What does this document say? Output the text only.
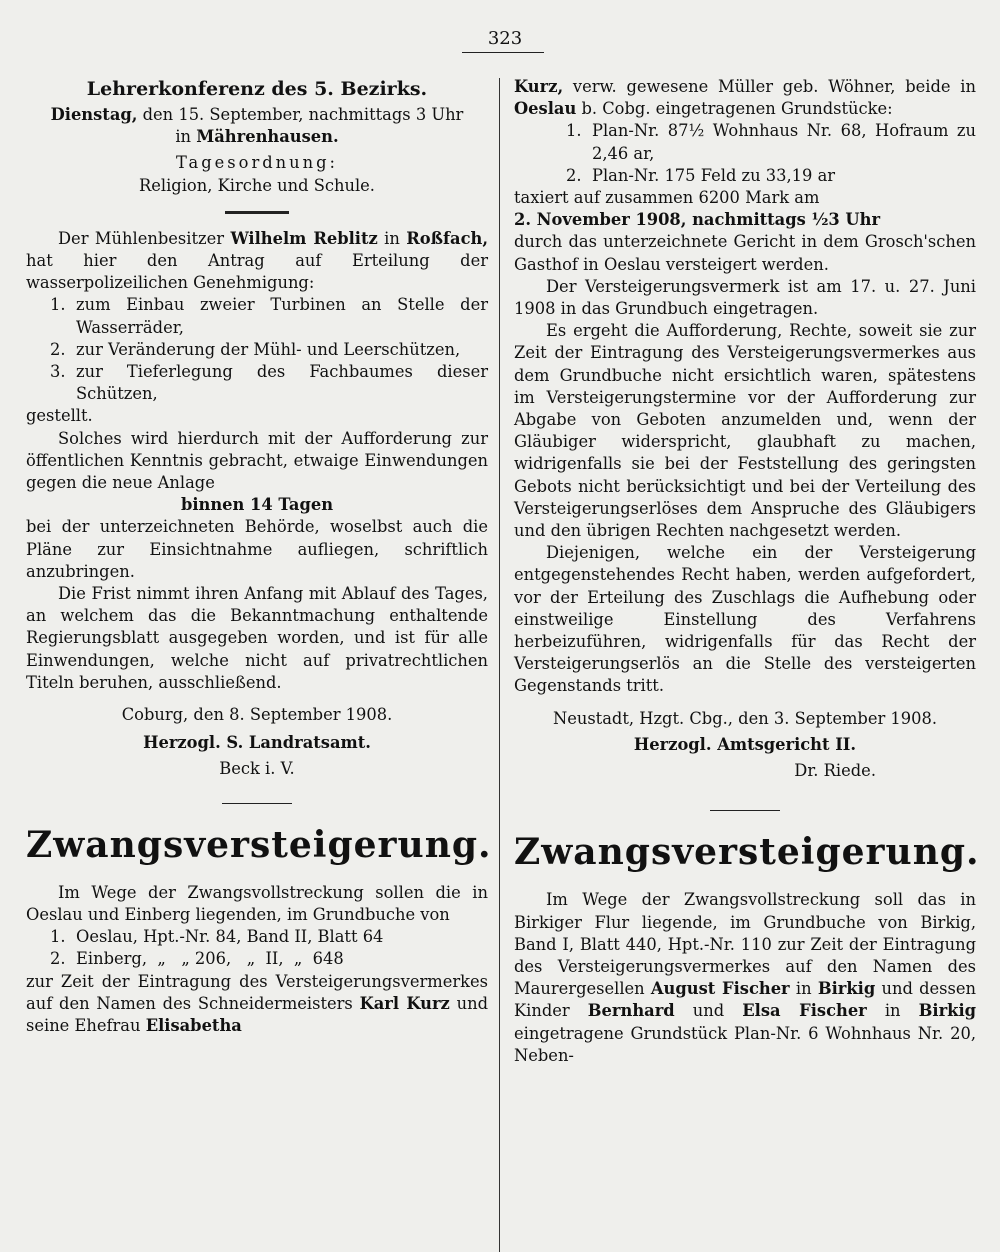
323

Lehrerkonferenz des 5. Bezirks.

Dienstag, den 15. September, nachmittags 3 Uhr
in Mährenhausen.

Tagesordnung:

Religion, Kirche und Schule.

Der Mühlenbesitzer Wilhelm Reblitz in Roßfach, hat hier den Antrag auf Erteilung der wasserpolizeilichen Genehmigung:

1. zum Einbau zweier Turbinen an Stelle der Wasserräder,
2. zur Veränderung der Mühl- und Leerschützen,
3. zur Tieferlegung des Fachbaumes dieser Schützen,

gestellt.

Solches wird hierdurch mit der Aufforderung zur öffentlichen Kenntnis gebracht, etwaige Einwendungen gegen die neue Anlage

binnen 14 Tagen

bei der unterzeichneten Behörde, woselbst auch die Pläne zur Einsichtnahme aufliegen, schriftlich anzubringen.

Die Frist nimmt ihren Anfang mit Ablauf des Tages, an welchem das die Bekanntmachung enthaltende Regierungsblatt ausgegeben worden, und ist für alle Einwendungen, welche nicht auf privatrechtlichen Titeln beruhen, ausschließend.

Coburg, den 8. September 1908.

Herzogl. S. Landratsamt.

Beck i. V.

Zwangsversteigerung.

Im Wege der Zwangsvollstreckung sollen die in Oeslau und Einberg liegenden, im Grundbuche von

1. Oeslau, Hpt.-Nr. 84, Band II, Blatt 64
2. Einberg,  „   „ 206,   „  II,  „  648

zur Zeit der Eintragung des Versteigerungsvermerkes auf den Namen des Schneidermeisters Karl Kurz und seine Ehefrau Elisabetha

Kurz, verw. gewesene Müller geb. Wöhner, beide in Oeslau b. Cobg. eingetragenen Grundstücke:

1. Plan-Nr. 87½ Wohnhaus Nr. 68, Hofraum zu 2,46 ar,
2. Plan-Nr. 175 Feld zu 33,19 ar

taxiert auf zusammen 6200 Mark am

2. November 1908, nachmittags ½3 Uhr

durch das unterzeichnete Gericht in dem Grosch'schen Gasthof in Oeslau versteigert werden.

Der Versteigerungsvermerk ist am 17. u. 27. Juni 1908 in das Grundbuch eingetragen.

Es ergeht die Aufforderung, Rechte, soweit sie zur Zeit der Eintragung des Versteigerungsvermerkes aus dem Grundbuche nicht ersichtlich waren, spätestens im Versteigerungstermine vor der Aufforderung zur Abgabe von Geboten anzumelden und, wenn der Gläubiger widerspricht, glaubhaft zu machen, widrigenfalls sie bei der Feststellung des geringsten Gebots nicht berücksichtigt und bei der Verteilung des Versteigerungserlöses dem Anspruche des Gläubigers und den übrigen Rechten nachgesetzt werden.

Diejenigen, welche ein der Versteigerung entgegenstehendes Recht haben, werden aufgefordert, vor der Erteilung des Zuschlags die Aufhebung oder einstweilige Einstellung des Verfahrens herbeizuführen, widrigenfalls für das Recht der Versteigerungserlös an die Stelle des versteigerten Gegenstands tritt.

Neustadt, Hzgt. Cbg., den 3. September 1908.

Herzogl. Amtsgericht II.

Dr. Riede.

Zwangsversteigerung.

Im Wege der Zwangsvollstreckung soll das in Birkiger Flur liegende, im Grundbuche von Birkig, Band I, Blatt 440, Hpt.-Nr. 110 zur Zeit der Eintragung des Versteigerungsvermerkes auf den Namen des Maurergesellen August Fischer in Birkig und dessen Kinder Bernhard und Elsa Fischer in Birkig eingetragene Grundstück Plan-Nr. 6 Wohnhaus Nr. 20, Neben-
